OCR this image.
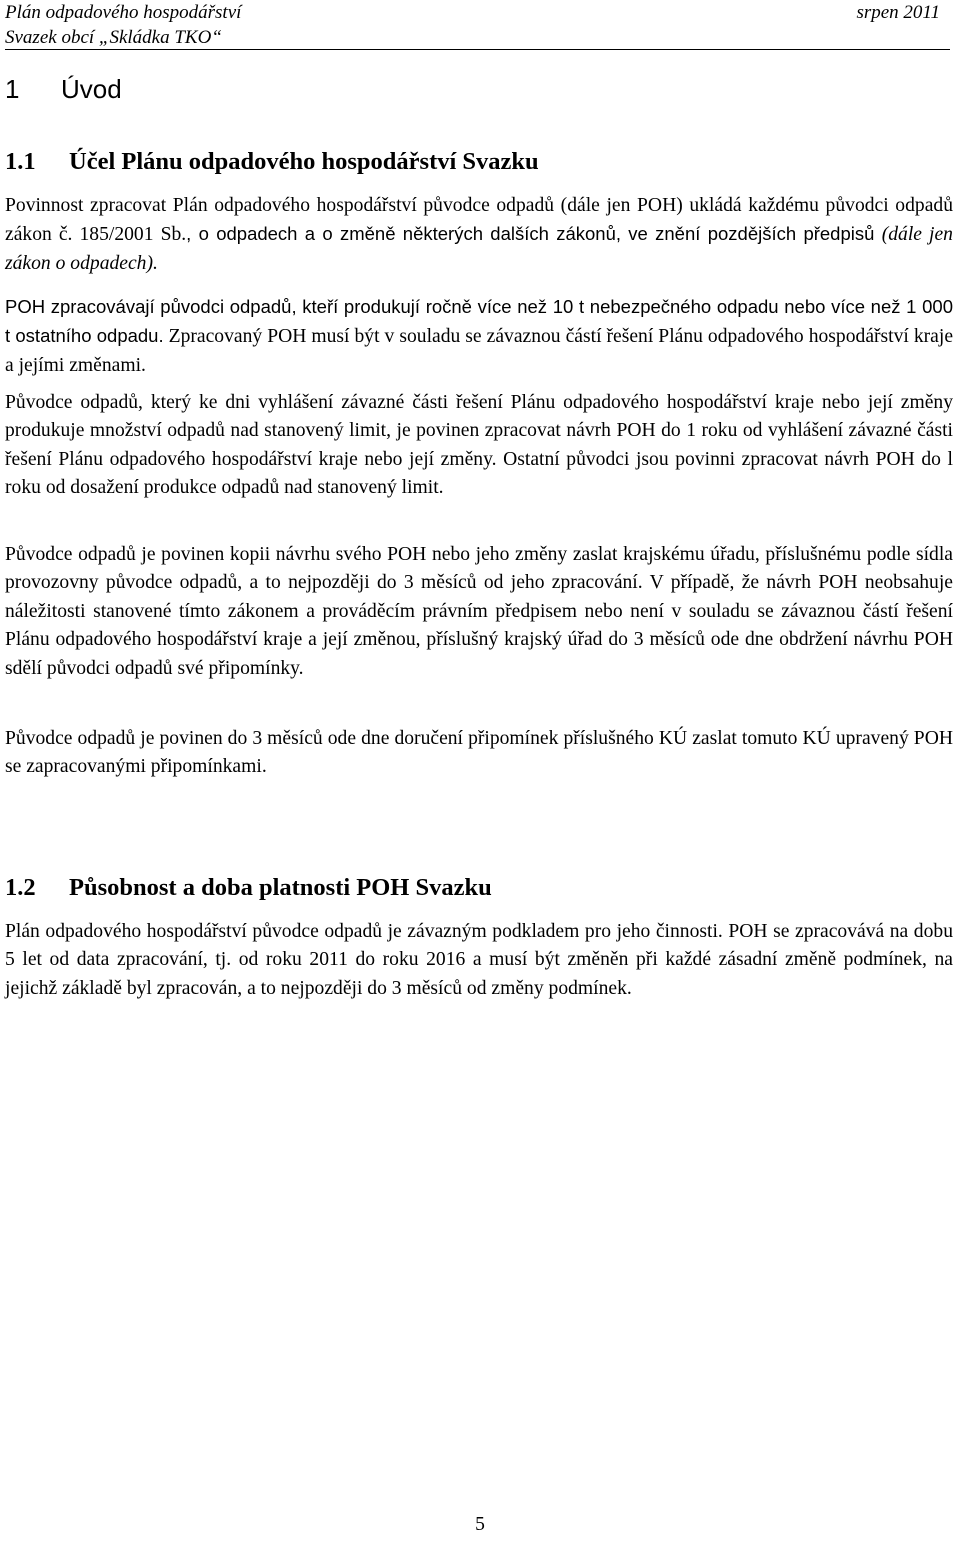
Plán odpadového hospodářství
Svazek obcí „Skládka TKO“
srpen 2011
1 Úvod
1.1 Účel Plánu odpadového hospodářství Svazku
Povinnost zpracovat Plán odpadového hospodářství původce odpadů (dále jen POH) ukládá každému původci odpadů zákon č. 185/2001 Sb., o odpadech a o změně některých dalších zákonů, ve znění pozdějších předpisů (dále jen zákon o odpadech).
POH zpracovávají původci odpadů, kteří produkují ročně více než 10 t nebezpečného odpadu nebo více než 1 000 t ostatního odpadu. Zpracovaný POH musí být v souladu se závaznou částí řešení Plánu odpadového hospodářství kraje a jejími změnami.
Původce odpadů, který ke dni vyhlášení závazné části řešení Plánu odpadového hospodářství kraje nebo její změny produkuje množství odpadů nad stanovený limit, je povinen zpracovat návrh POH do 1 roku od vyhlášení závazné části řešení Plánu odpadového hospodářství kraje nebo její změny. Ostatní původci jsou povinni zpracovat návrh POH do l roku od dosažení produkce odpadů nad stanovený limit.
Původce odpadů je povinen kopii návrhu svého POH nebo jeho změny zaslat krajskému úřadu, příslušnému podle sídla provozovny původce odpadů, a to nejpozději do 3 měsíců od jeho zpracování. V případě, že návrh POH neobsahuje náležitosti stanovené tímto zákonem a prováděcím právním předpisem nebo není v souladu se závaznou částí řešení Plánu odpadového hospodářství kraje a její změnou, příslušný krajský úřad do 3 měsíců ode dne obdržení návrhu POH sdělí původci odpadů své připomínky.
Původce odpadů je povinen do 3 měsíců ode dne doručení připomínek příslušného KÚ zaslat tomuto KÚ upravený POH se zapracovanými připomínkami.
1.2 Působnost a doba platnosti POH Svazku
Plán odpadového hospodářství původce odpadů je závazným podkladem pro jeho činnosti. POH se zpracovává na dobu 5 let od data zpracování, tj. od roku 2011 do roku 2016 a musí být změněn při každé zásadní změně podmínek, na jejichž základě byl zpracován, a to nejpozději do 3 měsíců od změny podmínek.
5
